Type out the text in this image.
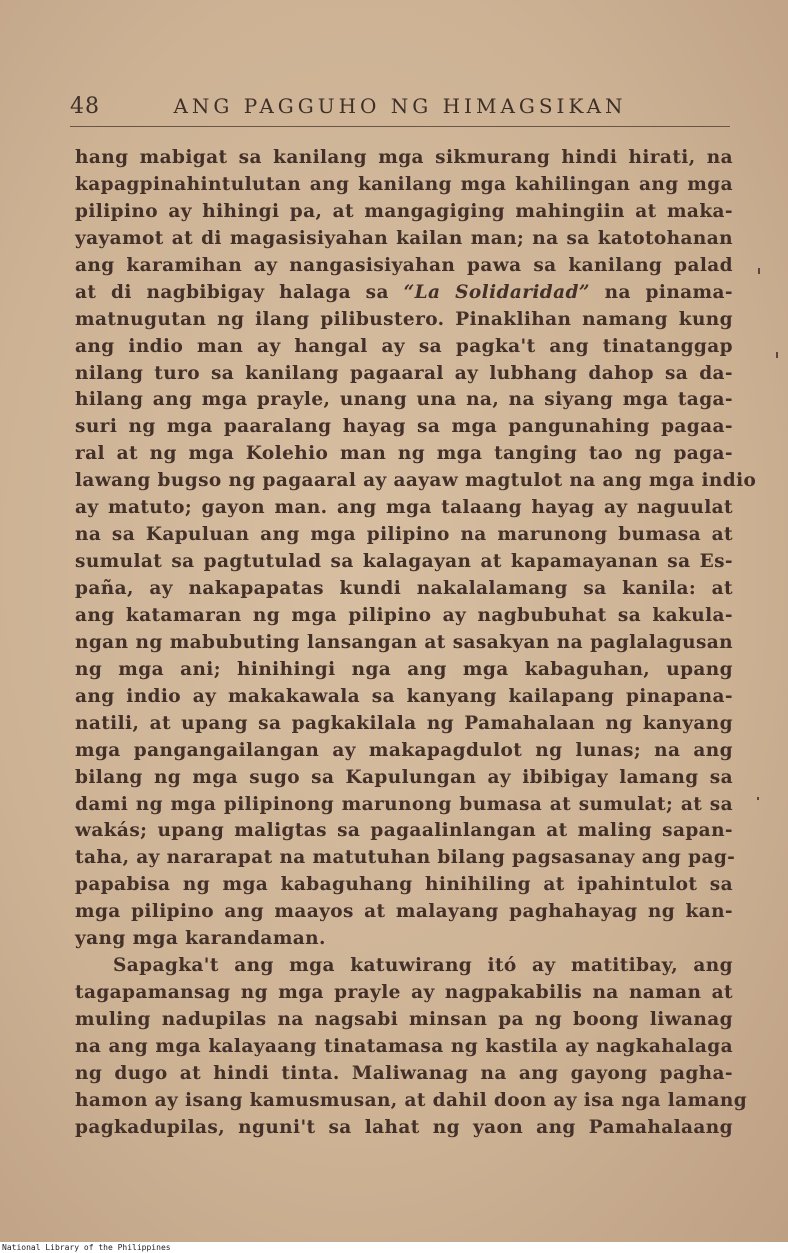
48	ANG PAGGUHO NG HIMAGSIKAN
hang mabigat sa kanilang mga sikmurang hindi hirati, na
kapagpinahintulutan ang kanilang mga kahilingan ang mga
pilipino ay hihingi pa, at mangagiging mahingiin at maka-
yayamot at di magasisiyahan kailan man; na sa katotohanan
ang karamihan ay nangasisiyahan pawa sa kanilang palad
at di nagbibigay halaga sa “La Solidaridad” na pinama-
matnugutan ng ilang pilibustero. Pinaklihan namang kung
ang indio man ay hangal ay sa pagka't ang tinatanggap
nilang turo sa kanilang pagaaral ay lubhang dahop sa da-
hilang ang mga prayle, unang una na, na siyang mga taga-
suri ng mga paaralang hayag sa mga pangunahing pagaa-
ral at ng mga Kolehio man ng mga tanging tao ng paga-
lawang bugso ng pagaaral ay aayaw magtulot na ang mga indio
ay matuto; gayon man. ang mga talaang hayag ay naguulat
na sa Kapuluan ang mga pilipino na marunong bumasa at
sumulat sa pagtutulad sa kalagayan at kapamayanan sa Es-
paña, ay nakapapatas kundi nakalalamang sa kanila: at
ang katamaran ng mga pilipino ay nagbubuhat sa kakula-
ngan ng mabubuting lansangan at sasakyan na paglalagusan
ng mga ani; hinihingi nga ang mga kabaguhan, upang
ang indio ay makakawala sa kanyang kailapang pinapana-
natili, at upang sa pagkakilala ng Pamahalaan ng kanyang
mga pangangailangan ay makapagdulot ng lunas; na ang
bilang ng mga sugo sa Kapulungan ay ibibigay lamang sa
dami ng mga pilipinong marunong bumasa at sumulat; at sa
wakás; upang maligtas sa pagaalinlangan at maling sapan-
taha, ay nararapat na matutuhan bilang pagsasanay ang pag-
papabisa ng mga kabaguhang hinihiling at ipahintulot sa
mga pilipino ang maayos at malayang paghahayag ng kan-
yang mga karandaman.
Sapagka't ang mga katuwirang itó ay matitibay, ang
tagapamansag ng mga prayle ay nagpakabilis na naman at
muling nadupilas na nagsabi minsan pa ng boong liwanag
na ang mga kalayaang tinatamasa ng kastila ay nagkahalaga
ng dugo at hindi tinta. Maliwanag na ang gayong pagha-
hamon ay isang kamusmusan, at dahil doon ay isa nga lamang
pagkadupilas, nguni't sa lahat ng yaon ang Pamahalaang
National Library of the Philippines
